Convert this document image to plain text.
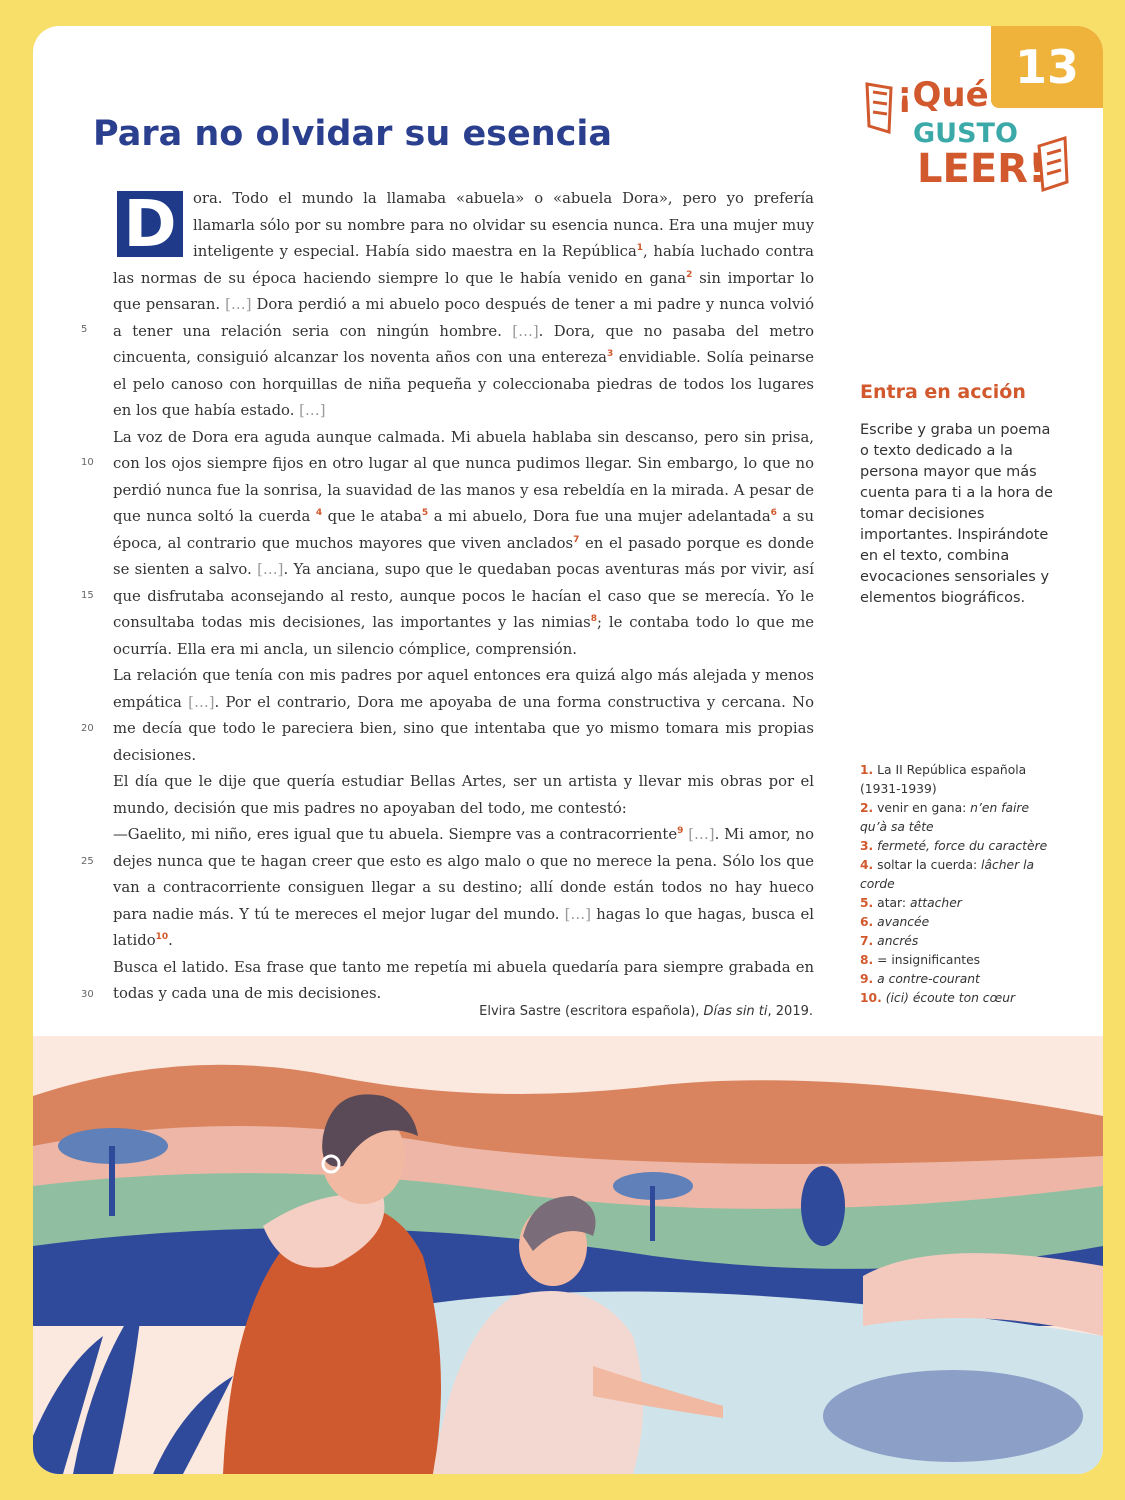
13
¡Qué
GUSTO
LEER!
Para no olvidar su esencia
5
10
15
20
25
30

D	ora. Todo el mundo la llamaba «abuela» o «abuela Dora», pero yo prefería llamarla sólo por su nombre para no olvidar su esencia nunca. Era una mujer muy inteligente y especial. Había sido maestra en la República$^1$, había luchado contra las normas de su época haciendo siempre lo que le había venido en gana$^2$ sin importar lo que pensaran. […] Dora perdió a mi abuelo poco después de tener a mi padre y nunca volvió a tener una relación seria con ningún hombre. […]. Dora, que no pasaba del metro cincuenta, consiguió alcanzar los noventa años con una entereza$^3$ envidiable. Solía peinarse el pelo canoso con horquillas de niña pequeña y coleccionaba piedras de todos los lugares en los que había estado. […]

La voz de Dora era aguda aunque calmada. Mi abuela hablaba sin descanso, pero sin prisa, con los ojos siempre fijos en otro lugar al que nunca pudimos llegar. Sin embargo, lo que no perdió nunca fue la sonrisa, la suavidad de las manos y esa rebeldía en la mirada. A pesar de que nunca soltó la cuerda $^4$ que le ataba$^5$ a mi abuelo, Dora fue una mujer adelantada$^6$ a su época, al contrario que muchos mayores que viven anclados$^7$ en el pasado porque es donde se sienten a salvo. […]. Ya anciana, supo que le quedaban pocas aventuras más por vivir, así que disfrutaba aconsejando al resto, aunque pocos le hacían el caso que se merecía. Yo le consultaba todas mis decisiones, las importantes y las nimias$^8$; le contaba todo lo que me ocurría. Ella era mi ancla, un silencio cómplice, comprensión.

La relación que tenía con mis padres por aquel entonces era quizá algo más alejada y menos empática […]. Por el contrario, Dora me apoyaba de una forma constructiva y cercana. No me decía que todo le pareciera bien, sino que intentaba que yo mismo tomara mis propias decisiones.

El día que le dije que quería estudiar Bellas Artes, ser un artista y llevar mis obras por el mundo, decisión que mis padres no apoyaban del todo, me contestó:

—Gaelito, mi niño, eres igual que tu abuela. Siempre vas a contracorriente$^9$ […]. Mi amor, no dejes nunca que te hagan creer que esto es algo malo o que no merece la pena. Sólo los que van a contracorriente consiguen llegar a su destino; allí donde están todos no hay hueco para nadie más. Y tú te mereces el mejor lugar del mundo. […] hagas lo que hagas, busca el latido$^{10}$.

Busca el latido. Esa frase que tanto me repetía mi abuela quedaría para siempre grabada en todas y cada una de mis decisiones.

Elvira Sastre (escritora española), Días sin ti, 2019.
Entra en acción

Escribe y graba un poema o texto dedicado a la persona mayor que más cuenta para ti a la hora de tomar decisiones importantes. Inspirándote en el texto, combina evocaciones sensoriales y elementos biográficos.

1. La II República española (1931-1939)
2. venir en gana: n’en faire qu’à sa tête
3. fermeté, force du caractère
4. soltar la cuerda: lâcher la corde
5. atar: attacher
6. avancée
7. ancrés
8. = insignificantes
9. a contre-courant
10. (ici) écoute ton cœur
